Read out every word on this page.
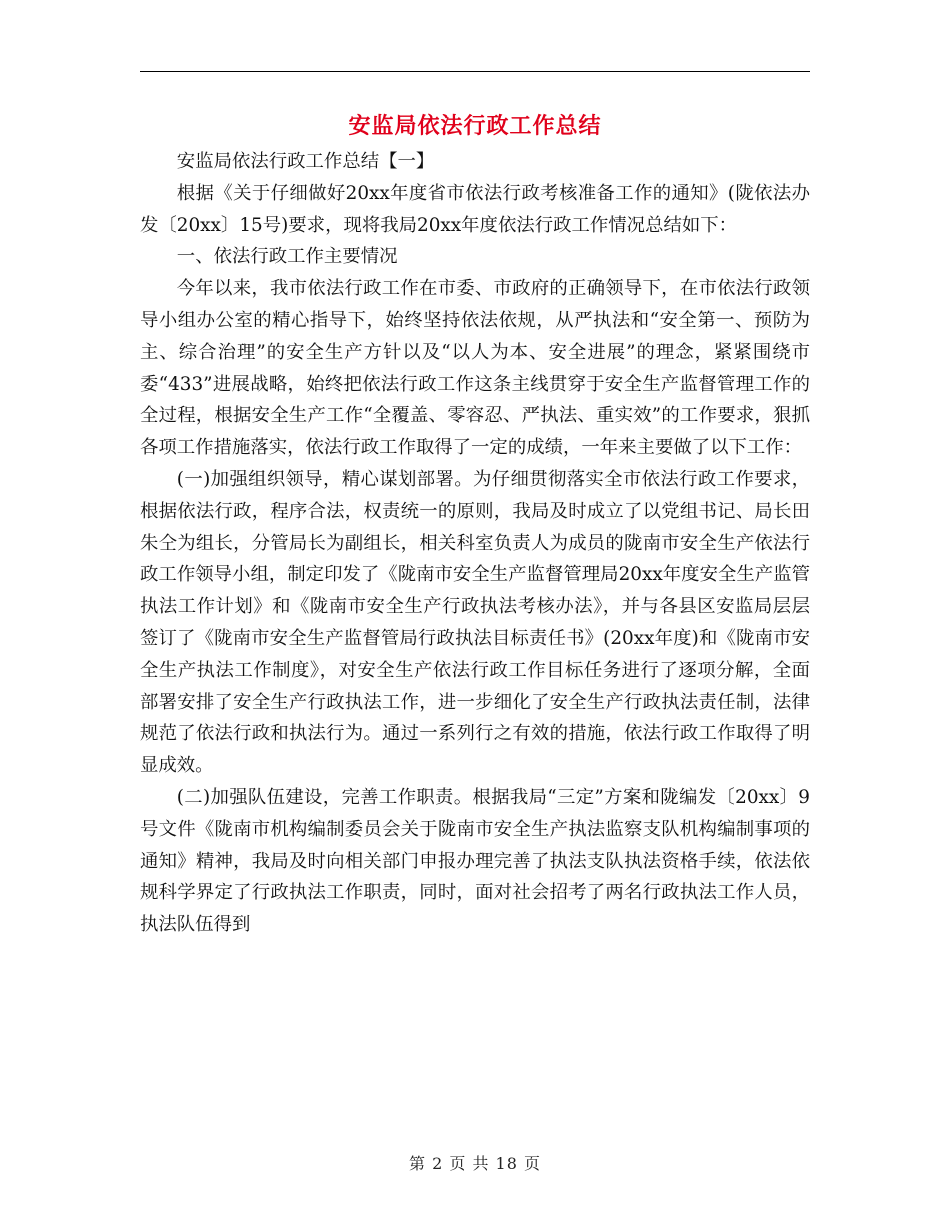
安监局依法行政工作总结

安监局依法行政工作总结【一】

根据《关于仔细做好20xx年度省市依法行政考核准备工作的通知》(陇依法办发〔20xx〕15号)要求，现将我局20xx年度依法行政工作情况总结如下：

一、依法行政工作主要情况

今年以来，我市依法行政工作在市委、市政府的正确领导下，在市依法行政领导小组办公室的精心指导下，始终坚持依法依规，从严执法和“安全第一、预防为主、综合治理”的安全生产方针以及“以人为本、安全进展”的理念，紧紧围绕市委“433”进展战略，始终把依法行政工作这条主线贯穿于安全生产监督管理工作的全过程，根据安全生产工作“全覆盖、零容忍、严执法、重实效”的工作要求，狠抓各项工作措施落实，依法行政工作取得了一定的成绩，一年来主要做了以下工作：

(一)加强组织领导，精心谋划部署。为仔细贯彻落实全市依法行政工作要求，根据依法行政，程序合法，权责统一的原则，我局及时成立了以党组书记、局长田朱仝为组长，分管局长为副组长，相关科室负责人为成员的陇南市安全生产依法行政工作领导小组，制定印发了《陇南市安全生产监督管理局20xx年度安全生产监管执法工作计划》和《陇南市安全生产行政执法考核办法》，并与各县区安监局层层签订了《陇南市安全生产监督管局行政执法目标责任书》(20xx年度)和《陇南市安全生产执法工作制度》，对安全生产依法行政工作目标任务进行了逐项分解，全面部署安排了安全生产行政执法工作，进一步细化了安全生产行政执法责任制，法律规范了依法行政和执法行为。通过一系列行之有效的措施，依法行政工作取得了明显成效。

(二)加强队伍建设，完善工作职责。根据我局“三定”方案和陇编发〔20xx〕9号文件《陇南市机构编制委员会关于陇南市安全生产执法监察支队机构编制事项的通知》精神，我局及时向相关部门申报办理完善了执法支队执法资格手续，依法依规科学界定了行政执法工作职责，同时，面对社会招考了两名行政执法工作人员，执法队伍得到

第 2 页 共 18 页
